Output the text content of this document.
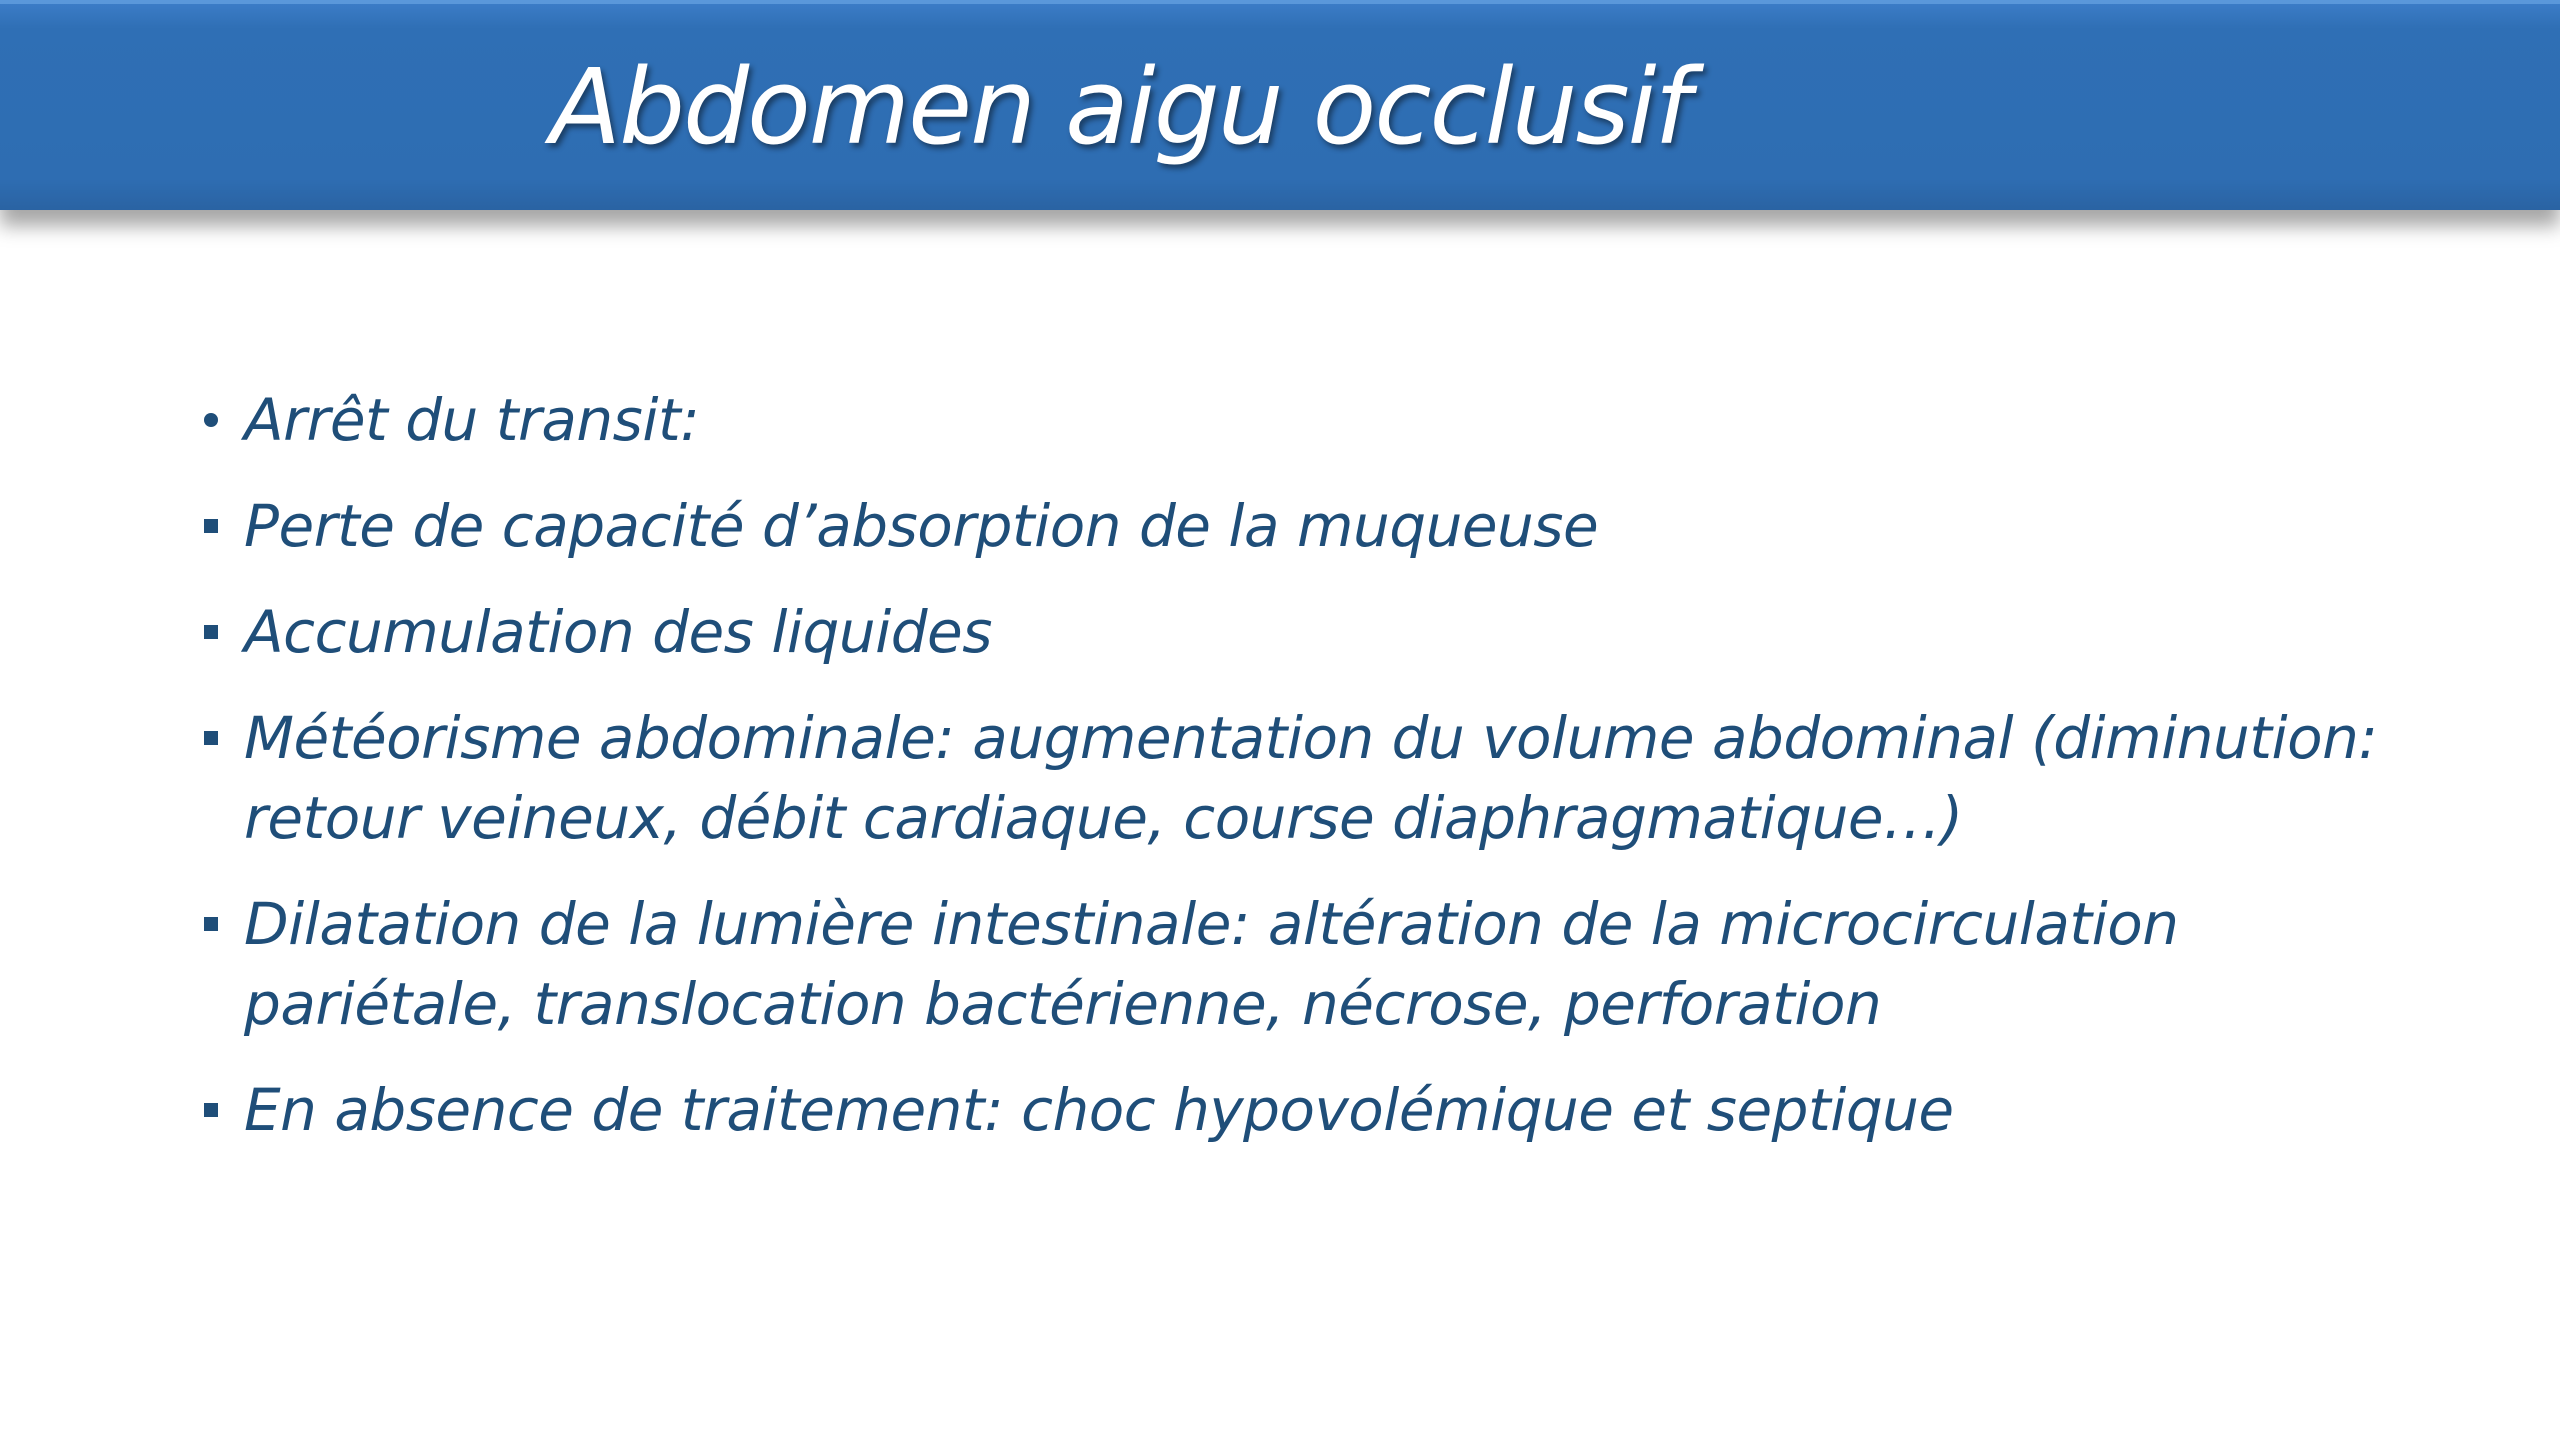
Abdomen aigu occlusif
Arrêt du transit:
Perte de capacité d’absorption de la muqueuse
Accumulation des liquides
Météorisme abdominale: augmentation du volume abdominal (diminution: retour veineux, débit cardiaque, course diaphragmatique…)
Dilatation de la lumière intestinale: altération de la microcirculation pariétale, translocation bactérienne, nécrose, perforation
En absence de traitement: choc hypovolémique et septique
